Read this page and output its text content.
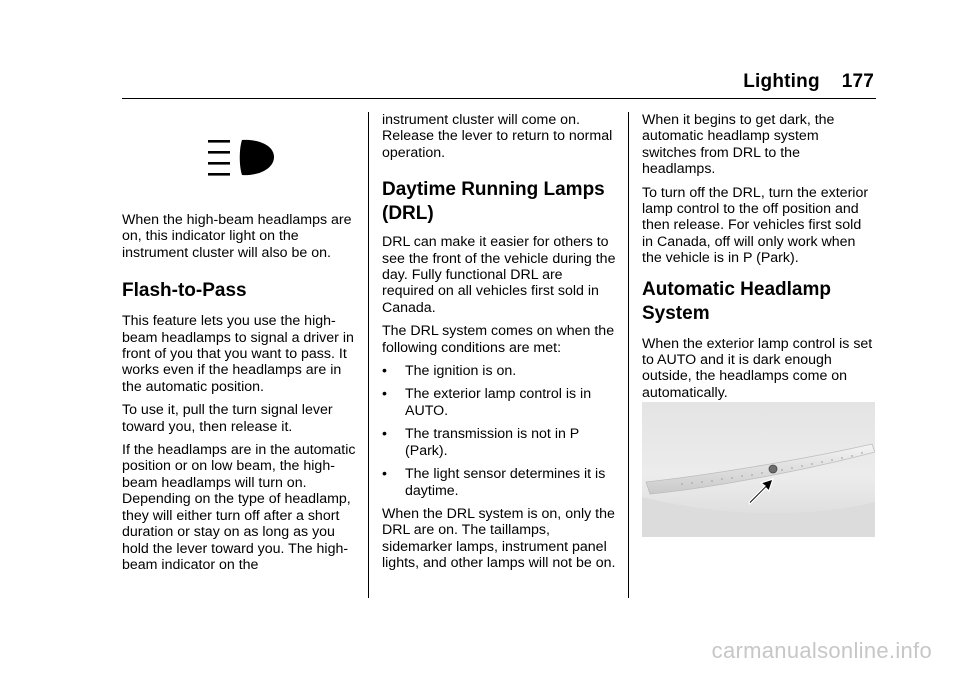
Lighting 177

When the high-beam headlamps are on, this indicator light on the instrument cluster will also be on.

Flash-to-Pass

This feature lets you use the high-beam headlamps to signal a driver in front of you that you want to pass. It works even if the headlamps are in the automatic position.

To use it, pull the turn signal lever toward you, then release it.

If the headlamps are in the automatic position or on low beam, the high-beam headlamps will turn on. Depending on the type of headlamp, they will either turn off after a short duration or stay on as long as you hold the lever toward you. The high-beam indicator on the

instrument cluster will come on. Release the lever to return to normal operation.

Daytime Running Lamps (DRL)

DRL can make it easier for others to see the front of the vehicle during the day. Fully functional DRL are required on all vehicles first sold in Canada.

The DRL system comes on when the following conditions are met:

•	The ignition is on.
•	The exterior lamp control is in AUTO.
•	The transmission is not in P (Park).
•	The light sensor determines it is daytime.

When the DRL system is on, only the DRL are on. The taillamps, sidemarker lamps, instrument panel lights, and other lamps will not be on.

When it begins to get dark, the automatic headlamp system switches from DRL to the headlamps.

To turn off the DRL, turn the exterior lamp control to the off position and then release. For vehicles first sold in Canada, off will only work when the vehicle is in P (Park).

Automatic Headlamp System

When the exterior lamp control is set to AUTO and it is dark enough outside, the headlamps come on automatically.

carmanualsonline.info
